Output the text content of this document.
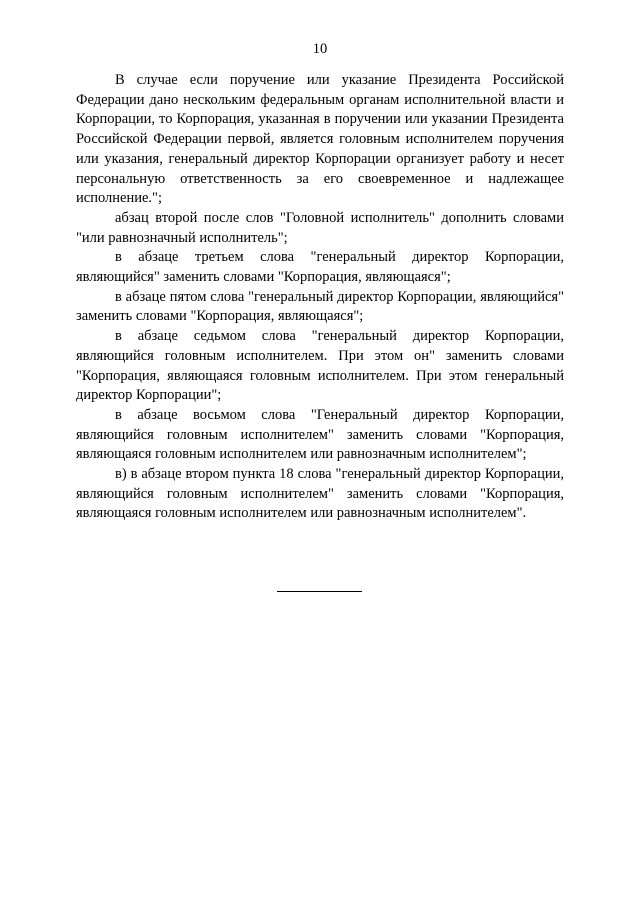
10

В случае если поручение или указание Президента Российской Федерации дано нескольким федеральным органам исполнительной власти и Корпорации, то Корпорация, указанная в поручении или указании Президента Российской Федерации первой, является головным исполнителем поручения или указания, генеральный директор Корпорации организует работу и несет персональную ответственность за его своевременное и надлежащее исполнение.";

абзац второй после слов "Головной исполнитель" дополнить словами "или равнозначный исполнитель";

в абзаце третьем слова "генеральный директор Корпорации, являющийся" заменить словами "Корпорация, являющаяся";

в абзаце пятом слова "генеральный директор Корпорации, являющийся" заменить словами "Корпорация, являющаяся";

в абзаце седьмом слова "генеральный директор Корпорации, являющийся головным исполнителем. При этом он" заменить словами "Корпорация, являющаяся головным исполнителем. При этом генеральный директор Корпорации";

в абзаце восьмом слова "Генеральный директор Корпорации, являющийся головным исполнителем" заменить словами "Корпорация, являющаяся головным исполнителем или равнозначным исполнителем";

в) в абзаце втором пункта 18 слова "генеральный директор Корпорации, являющийся головным исполнителем" заменить словами "Корпорация, являющаяся головным исполнителем или равнозначным исполнителем".
